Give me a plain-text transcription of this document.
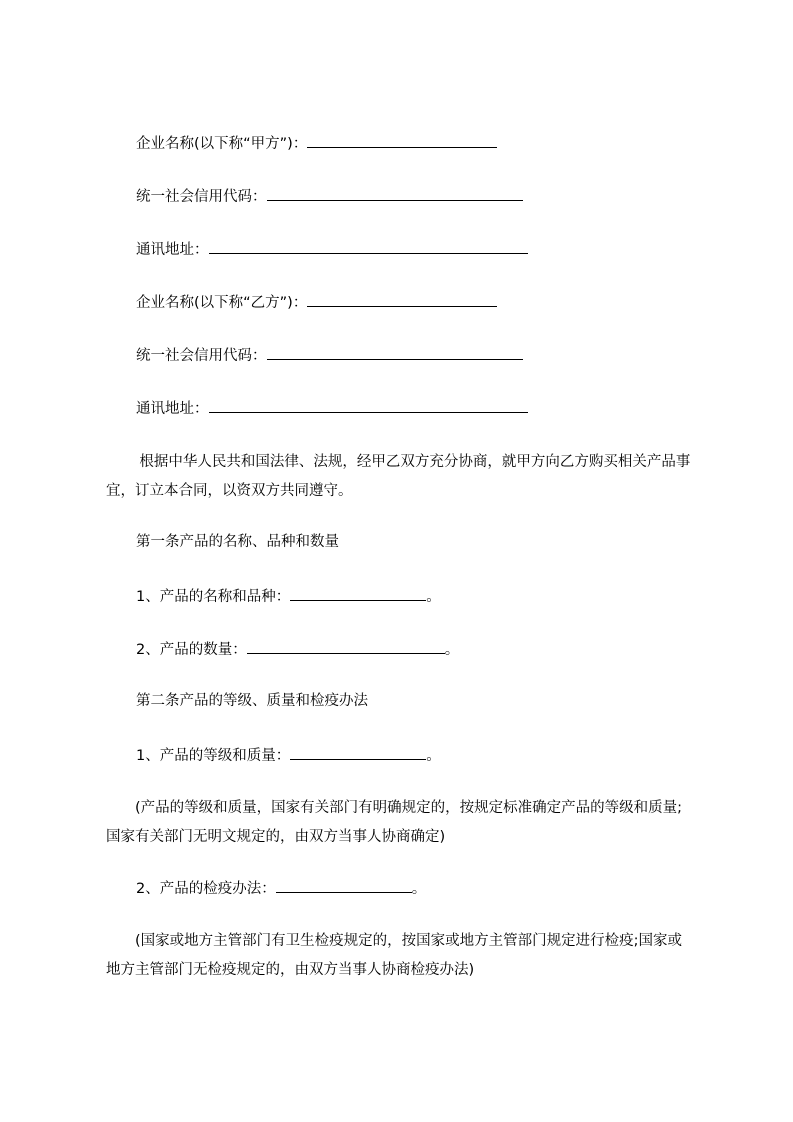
企业名称(以下称“甲方”)：
统一社会信用代码：
通讯地址：
企业名称(以下称“乙方”)：
统一社会信用代码：
通讯地址：
根据中华人民共和国法律、法规，经甲乙双方充分协商，就甲方向乙方购买相关产品事宜，订立本合同，以资双方共同遵守。
第一条产品的名称、品种和数量
1、产品的名称和品种：	。
2、产品的数量：	。
第二条产品的等级、质量和检疫办法
1、产品的等级和质量：	。
(产品的等级和质量，国家有关部门有明确规定的，按规定标准确定产品的等级和质量;国家有关部门无明文规定的，由双方当事人协商确定)
2、产品的检疫办法：	。
(国家或地方主管部门有卫生检疫规定的，按国家或地方主管部门规定进行检疫;国家或地方主管部门无检疫规定的，由双方当事人协商检疫办法)
